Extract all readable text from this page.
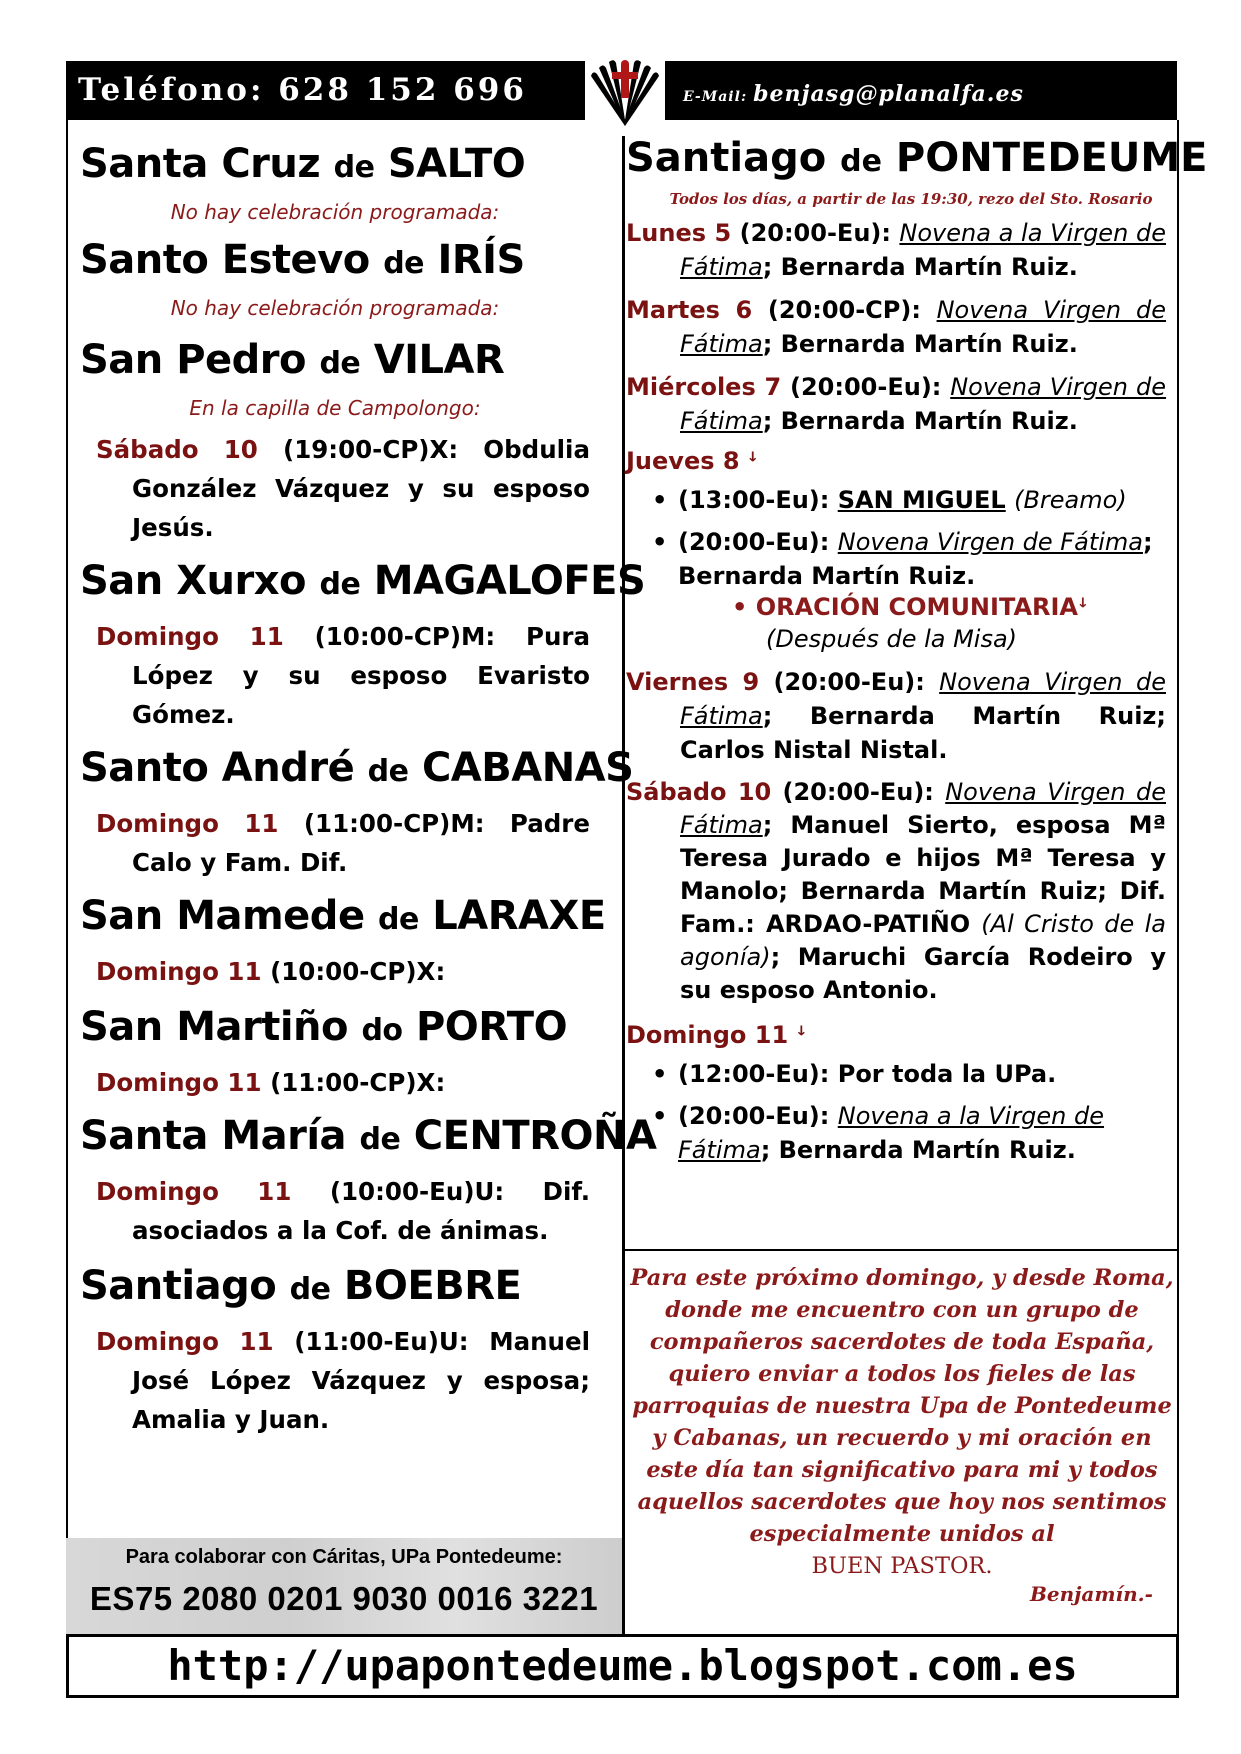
Teléfono: 628 152 696	E-Mail: benjasg@planalfa.es
Santa Cruz de SALTO
No hay celebración programada:
Santo Estevo de IRÍS
No hay celebración programada:
San Pedro de VILAR
En la capilla de Campolongo:

Sábado 10 (19:00-CP)X: Obdulia González Vázquez y su esposo Jesús.

San Xurxo de MAGALOFES

Domingo 11 (10:00-CP)M: Pura López y su esposo Evaristo Gómez.

Santo André de CABANAS

Domingo 11 (11:00-CP)M: Padre Calo y Fam. Dif.

San Mamede de LARAXE

Domingo 11 (10:00-CP)X:

San Martiño do PORTO

Domingo 11 (11:00-CP)X:

Santa María de CENTROÑA

Domingo 11 (10:00-Eu)U: Dif. asociados a la Cof. de ánimas.

Santiago de BOEBRE

Domingo 11 (11:00-Eu)U: Manuel José López Vázquez y esposa; Amalia y Juan.

Santiago de PONTEDEUME
Todos los días, a partir de las 19:30, rezo del Sto. Rosario

Lunes 5 (20:00-Eu): Novena a la Virgen de Fátima; Bernarda Martín Ruiz.

Martes 6 (20:00-CP): Novena Virgen de Fátima; Bernarda Martín Ruiz.

Miércoles 7 (20:00-Eu): Novena Virgen de Fátima; Bernarda Martín Ruiz.

Jueves 8 ꜜ

• (13:00-Eu): SAN MIGUEL (Breamo)

• (20:00-Eu): Novena Virgen de Fátima; Bernarda Martín Ruiz.

• ORACIÓN COMUNITARIAꜜ
(Después de la Misa)

Viernes 9 (20:00-Eu): Novena Virgen de Fátima; Bernarda Martín Ruiz; Carlos Nistal Nistal.

Sábado 10 (20:00-Eu): Novena Virgen de Fátima; Manuel Sierto, esposa Mª Teresa Jurado e hijos Mª Teresa y Manolo; Bernarda Martín Ruiz; Dif. Fam.: ARDAO-PATIÑO (Al Cristo de la agonía); Maruchi García Rodeiro y su esposo Antonio.

Domingo 11 ꜜ

• (12:00-Eu): Por toda la UPa.

• (20:00-Eu): Novena a la Virgen de Fátima; Bernarda Martín Ruiz.

Para este próximo domingo, y desde Roma, donde me encuentro con un grupo de compañeros sacerdotes de toda España, quiero enviar a todos los fieles de las parroquias de nuestra Upa de Pontedeume y Cabanas, un recuerdo y mi oración en este día tan significativo para mi y todos aquellos sacerdotes que hoy nos sentimos especialmente unidos al
BUEN PASTOR.
Benjamín.-
Para colaborar con Cáritas, UPa Pontedeume:
ES75 2080 0201 9030 0016 3221
http://upapontedeume.blogspot.com.es
